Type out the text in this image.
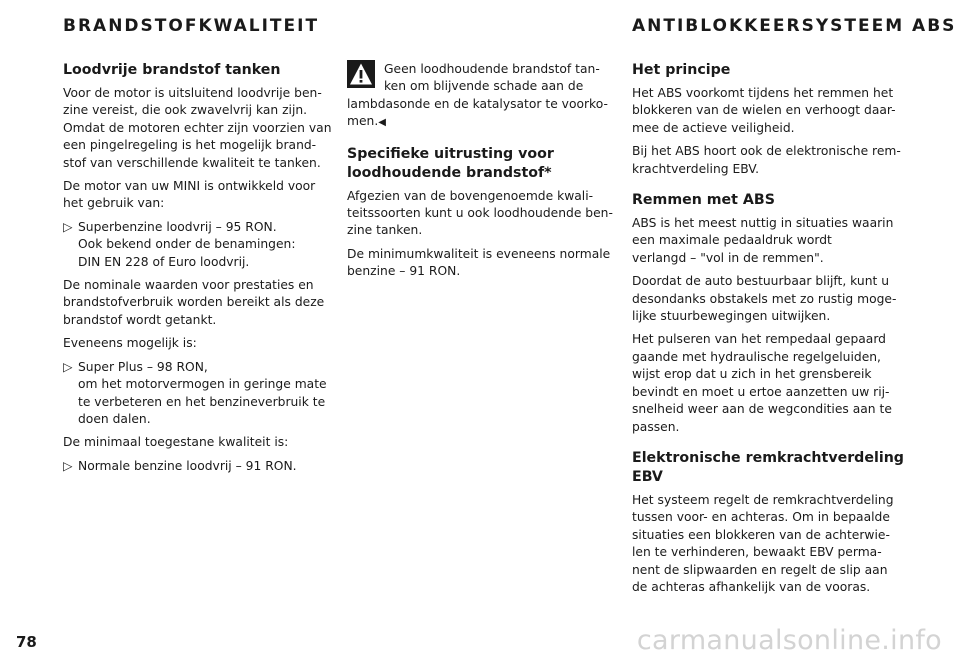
BRANDSTOFKWALITEIT	ANTIBLOKKEERSYSTEEM ABS
Loodvrije brandstof tanken
Voor de motor is uitsluitend loodvrije ben-
zine vereist, die ook zwavelvrij kan zijn.
Omdat de motoren echter zijn voorzien van
een pingelregeling is het mogelijk brand-
stof van verschillende kwaliteit te tanken.
De motor van uw MINI is ontwikkeld voor
het gebruik van:
▷ Superbenzine loodvrij – 95 RON.
Ook bekend onder de benamingen:
DIN EN 228 of Euro loodvrij.
De nominale waarden voor prestaties en
brandstofverbruik worden bereikt als deze
brandstof wordt getankt.
Eveneens mogelijk is:
▷ Super Plus – 98 RON,
om het motorvermogen in geringe mate
te verbeteren en het benzineverbruik te
doen dalen.
De minimaal toegestane kwaliteit is:
▷ Normale benzine loodvrij – 91 RON.
Geen loodhoudende brandstof tan-
ken om blijvende schade aan de
lambdasonde en de katalysator te voorko-
men.◀
Specifieke uitrusting voor
loodhoudende brandstof*
Afgezien van de bovengenoemde kwali-
teitssoorten kunt u ook loodhoudende ben-
zine tanken.
De minimumkwaliteit is eveneens normale
benzine – 91 RON.
Het principe
Het ABS voorkomt tijdens het remmen het
blokkeren van de wielen en verhoogt daar-
mee de actieve veiligheid.
Bij het ABS hoort ook de elektronische rem-
krachtverdeling EBV.
Remmen met ABS
ABS is het meest nuttig in situaties waarin
een maximale pedaaldruk wordt
verlangd – "vol in de remmen".
Doordat de auto bestuurbaar blijft, kunt u
desondanks obstakels met zo rustig moge-
lijke stuurbewegingen uitwijken.
Het pulseren van het rempedaal gepaard
gaande met hydraulische regelgeluiden,
wijst erop dat u zich in het grensbereik
bevindt en moet u ertoe aanzetten uw rij-
snelheid weer aan de wegcondities aan te
passen.
Elektronische remkrachtverdeling EBV
Het systeem regelt de remkrachtverdeling
tussen voor- en achteras. Om in bepaalde
situaties een blokkeren van de achterwie-
len te verhinderen, bewaakt EBV perma-
nent de slipwaarden en regelt de slip aan
de achteras afhankelijk van de vooras.
78	carmanualsonline.info
